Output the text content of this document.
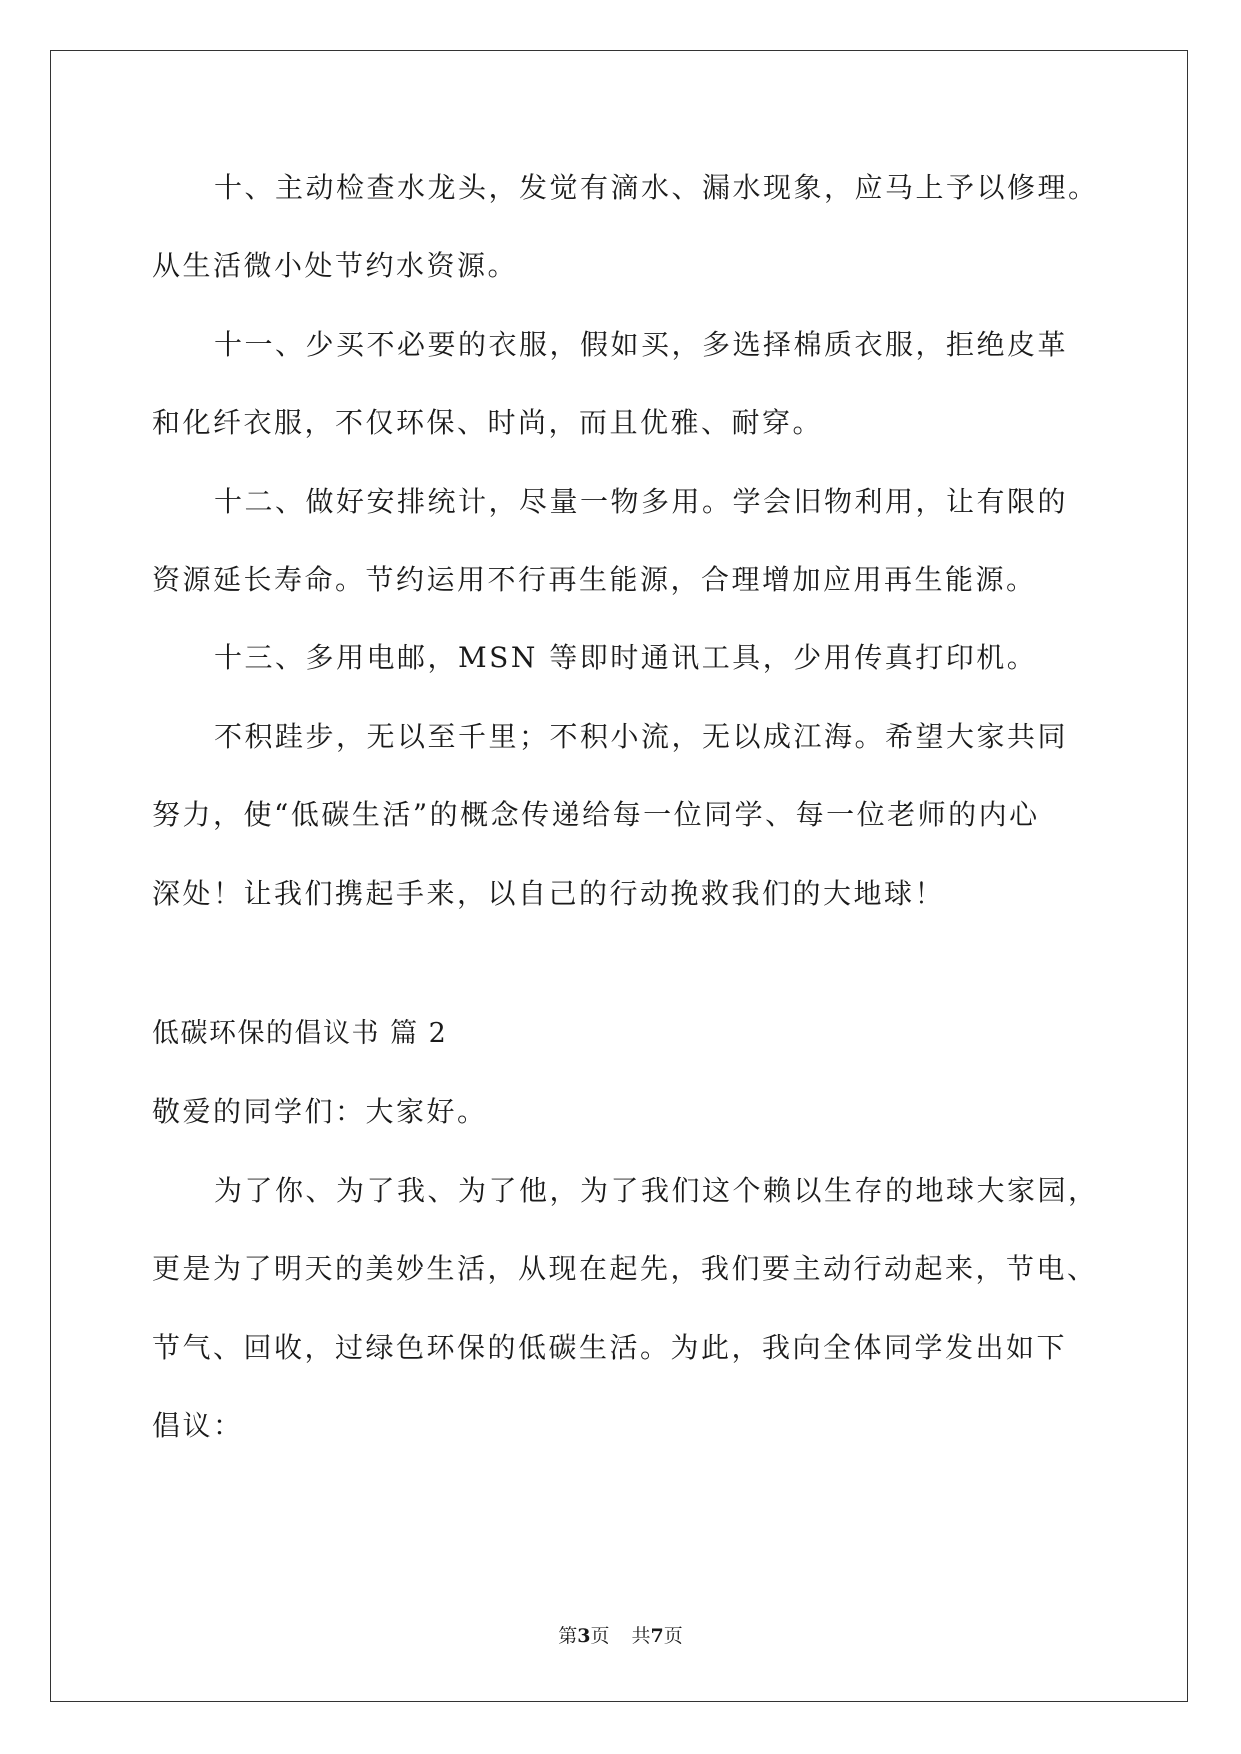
十、主动检查水龙头，发觉有滴水、漏水现象，应马上予以修理。
从生活微小处节约水资源。
十一、少买不必要的衣服，假如买，多选择棉质衣服，拒绝皮革
和化纤衣服，不仅环保、时尚，而且优雅、耐穿。
十二、做好安排统计，尽量一物多用。学会旧物利用，让有限的
资源延长寿命。节约运用不行再生能源，合理增加应用再生能源。
十三、多用电邮，MSN 等即时通讯工具，少用传真打印机。
不积跬步，无以至千里；不积小流，无以成江海。希望大家共同
努力，使“低碳生活”的概念传递给每一位同学、每一位老师的内心
深处！让我们携起手来，以自己的行动挽救我们的大地球！
低碳环保的倡议书 篇 2
敬爱的同学们：大家好。
为了你、为了我、为了他，为了我们这个赖以生存的地球大家园，
更是为了明天的美妙生活，从现在起先，我们要主动行动起来，节电、
节气、回收，过绿色环保的低碳生活。为此，我向全体同学发出如下
倡议：
第3页 共7页
